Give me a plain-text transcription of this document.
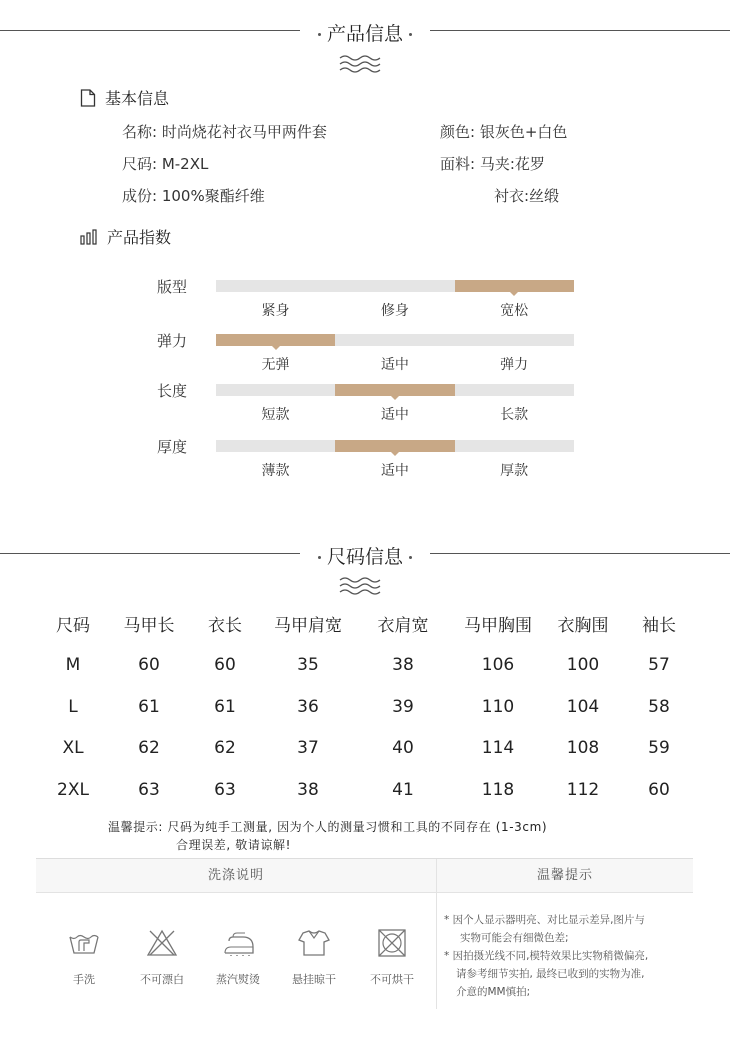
产品信息
基本信息
名称: 时尚烧花衬衣马甲两件套	颜色: 银灰色+白色
尺码: M-2XL	面料: 马夹:花罗
成份: 100%聚酯纤维	衬衣:丝缎
产品指数
版型
紧身	修身	宽松
弹力
无弹	适中	弹力
长度
短款	适中	长款
厚度
薄款	适中	厚款
尺码信息
尺码	马甲长	衣长	马甲肩宽	衣肩宽	马甲胸围	衣胸围	袖长
M	60	60	35	38	106	100	57
L	61	61	36	39	110	104	58
XL	62	62	37	40	114	108	59
2XL	63	63	38	41	118	112	60
温馨提示: 尺码为纯手工测量, 因为个人的测量习惯和工具的不同存在 (1-3cm)
合理误差, 敬请谅解!
洗涤说明	温馨提示
手洗	不可漂白	蒸汽熨烫	悬挂晾干	不可烘干
* 因个人显示器明亮、对比显示差异,图片与
实物可能会有细微色差;
* 因拍摄光线不同,模特效果比实物稍微偏亮,
请参考细节实拍, 最终已收到的实物为准,
介意的MM慎拍;
